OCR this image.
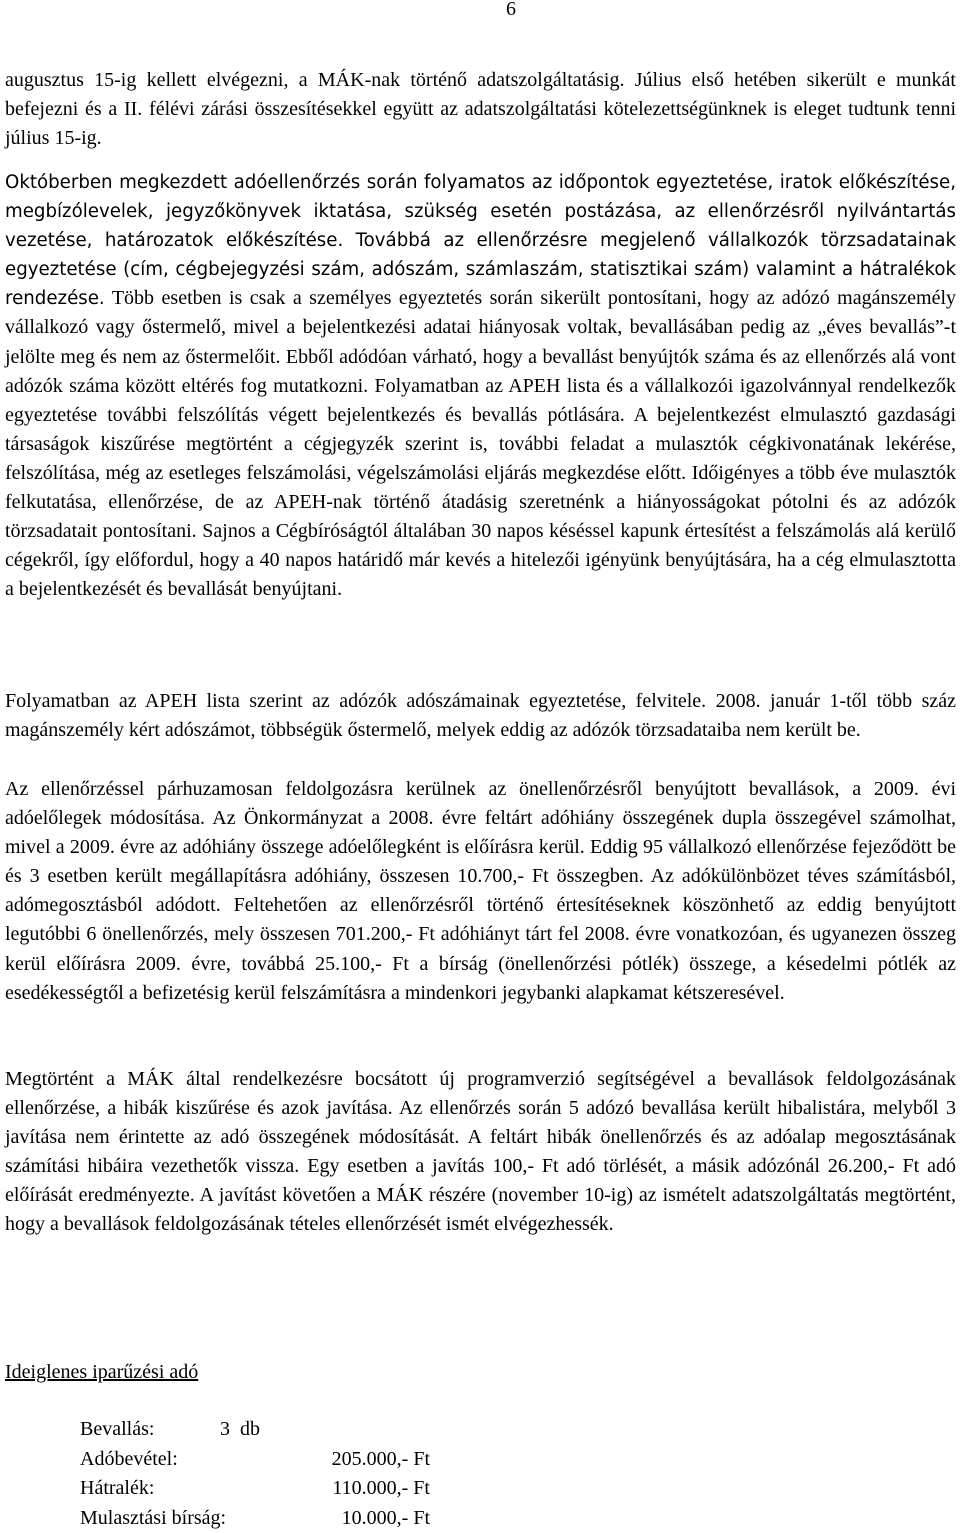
6
augusztus 15-ig kellett elvégezni, a MÁK-nak történő adatszolgáltatásig. Július első hetében sikerült e munkát befejezni és a II. félévi zárási összesítésekkel együtt az adatszolgáltatási kötelezettségünknek is eleget tudtunk tenni július 15-ig.
Októberben megkezdett adóellenőrzés során folyamatos az időpontok egyeztetése, iratok előkészítése, megbízólevelek, jegyzőkönyvek iktatása, szükség esetén postázása, az ellenőrzésről nyilvántartás vezetése, határozatok előkészítése. Továbbá az ellenőrzésre megjelenő vállalkozók törzsadatainak egyeztetése (cím, cégbejegyzési szám, adószám, számlaszám, statisztikai szám) valamint a hátralékok rendezése. Több esetben is csak a személyes egyeztetés során sikerült pontosítani, hogy az adózó magánszemély vállalkozó vagy őstermelő, mivel a bejelentkezési adatai hiányosak voltak, bevallásában pedig az „éves bevallás”-t jelölte meg és nem az őstermelőit. Ebből adódóan várható, hogy a bevallást benyújtók száma és az ellenőrzés alá vont adózók száma között eltérés fog mutatkozni. Folyamatban az APEH lista és a vállalkozói igazolvánnyal rendelkezők egyeztetése további felszólítás végett bejelentkezés és bevallás pótlására. A bejelentkezést elmulasztó gazdasági társaságok kiszűrése megtörtént a cégjegyzék szerint is, további feladat a mulasztók cégkivonatának lekérése, felszólítása, még az esetleges felszámolási, végelszámolási eljárás megkezdése előtt. Időigényes a több éve mulasztók felkutatása, ellenőrzése, de az APEH-nak történő átadásig szeretnénk a hiányosságokat pótolni és az adózók törzsadatait pontosítani. Sajnos a Cégbíróságtól általában 30 napos késéssel kapunk értesítést a felszámolás alá kerülő cégekről, így előfordul, hogy a 40 napos határidő már kevés a hitelezői igényünk benyújtására, ha a cég elmulasztotta a bejelentkezését és bevallását benyújtani.
Folyamatban az APEH lista szerint az adózók adószámainak egyeztetése, felvitele. 2008. január 1-től több száz magánszemély kért adószámot, többségük őstermelő, melyek eddig az adózók törzsadataiba nem került be.
Az ellenőrzéssel párhuzamosan feldolgozásra kerülnek az önellenőrzésről benyújtott bevallások, a 2009. évi adóelőlegek módosítása. Az Önkormányzat a 2008. évre feltárt adóhiány összegének dupla összegével számolhat, mivel a 2009. évre az adóhiány összege adóelőlegként is előírásra kerül. Eddig 95 vállalkozó ellenőrzése fejeződött be és 3 esetben került megállapításra adóhiány, összesen 10.700,- Ft összegben. Az adókülönbözet téves számításból, adómegosztásból adódott. Feltehetően az ellenőrzésről történő értesítéseknek köszönhető az eddig benyújtott legutóbbi 6 önellenőrzés, mely összesen 701.200,- Ft adóhiányt tárt fel 2008. évre vonatkozóan, és ugyanezen összeg kerül előírásra 2009. évre, továbbá 25.100,- Ft a bírság (önellenőrzési pótlék) összege, a késedelmi pótlék az esedékességtől a befizetésig kerül felszámításra a mindenkori jegybanki alapkamat kétszeresével.
Megtörtént a MÁK által rendelkezésre bocsátott új programverzió segítségével a bevallások feldolgozásának ellenőrzése, a hibák kiszűrése és azok javítása. Az ellenőrzés során 5 adózó bevallása került hibalistára, melyből 3 javítása nem érintette az adó összegének módosítását. A feltárt hibák önellenőrzés és az adóalap megosztásának számítási hibáira vezethetők vissza. Egy esetben a javítás 100,- Ft adó törlését, a másik adózónál 26.200,- Ft adó előírását eredményezte. A javítást követően a MÁK részére (november 10-ig) az ismételt adatszolgáltatás megtörtént, hogy a bevallások feldolgozásának tételes ellenőrzését ismét elvégezhessék.
Ideiglenes iparűzési adó
Bevallás:	3  db
Adóbevétel:	205.000,- Ft
Hátralék:	110.000,- Ft
Mulasztási bírság:	10.000,- Ft
